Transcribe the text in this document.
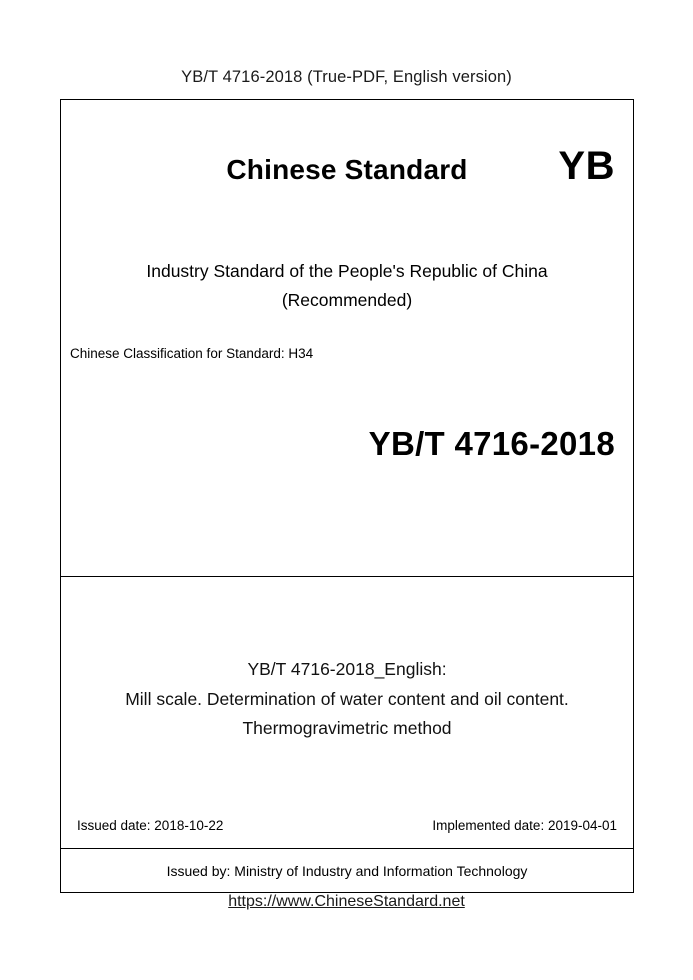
YB/T 4716-2018 (True-PDF, English version)
Chinese Standard	YB
Industry Standard of the People's Republic of China
(Recommended)
Chinese Classification for Standard: H34
YB/T 4716-2018
YB/T 4716-2018_English:
Mill scale. Determination of water content and oil content.
Thermogravimetric method
Issued date: 2018-10-22	Implemented date: 2019-04-01
Issued by: Ministry of Industry and Information Technology
https://www.ChineseStandard.net
